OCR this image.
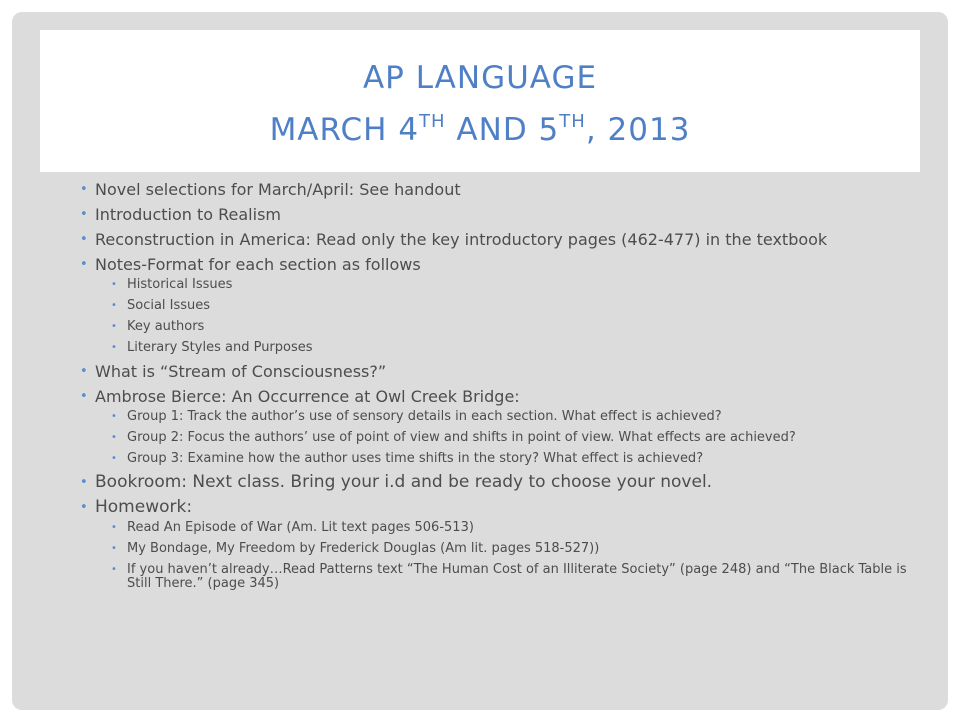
AP LANGUAGE
MARCH 4TH AND 5TH, 2013
• Novel selections for March/April: See handout
• Introduction to Realism
• Reconstruction in America: Read only the key introductory pages (462-477) in the textbook
• Notes-Format for each section as follows
• Historical Issues
• Social Issues
• Key authors
• Literary Styles and Purposes
• What is “Stream of Consciousness?”
• Ambrose Bierce: An Occurrence at Owl Creek Bridge:
• Group 1: Track the author’s use of sensory details in each section. What effect is achieved?
• Group 2: Focus the authors’ use of point of view and shifts in point of view. What effects are achieved?
• Group 3: Examine how the author uses time shifts in the story? What effect is achieved?
• Bookroom: Next class. Bring your i.d and be ready to choose your novel.
• Homework:
• Read An Episode of War (Am. Lit text pages 506-513)
• My Bondage, My Freedom by Frederick Douglas (Am lit. pages 518-527))
• If you haven’t already…Read Patterns text “The Human Cost of an Illiterate Society” (page 248) and “The Black Table is Still There.” (page 345)
